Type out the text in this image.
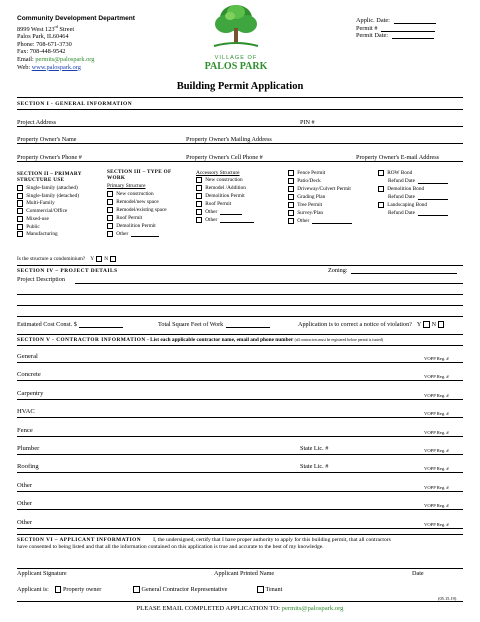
Community Development Department
8999 West 123rd Street
Palos Park, IL60464
Phone: 708-671-3730
Fax: 708-448-9542
Email: permits@palospark.org
Web: www.palospark.org
VILLAGE OF
PALOS PARK
Applic. Date:
Permit #
Permit Date:
Building Permit Application
SECTION I - GENERAL INFORMATION
Project Address	PIN #
Property Owner's Name	Property Owner's Mailing Address
Property Owner's Phone #	Property Owner's Cell Phone #	Property Owner's E-mail Address
SECTION II – PRIMARY
STRUCTURE USE
Single-family (attached)
Single-family (detached)
Multi-Family
Commercial/Office
Mixed-use
Public
Manufacturing
SECTION III – TYPE OF
WORK
Primary Structure
Accessory Structure
New construction
Remodel/new space
Remodel/existing space
Roof Permit
Demolition Permit
Other
New construction
Remodel /Addition
Demolition Permit
Roof Permit
Other
Other
Fence Permit
Patio/Deck
Driveway/Culvert Permit
Grading Plan
Tree Permit
Survey/Plan
Other
ROW Bond
Refund Date
Demolition Bond
Refund Date
Landscaping Bond
Refund Date
Is the structure a condominium? Y N
SECTION IV – PROJECT DETAILS	Zoning:
Project Description
Estimated Cost Const. $	Total Square Feet of Work	Application is to correct a notice of violation? Y N
SECTION V - CONTRACTOR INFORMATION - List each applicable contractor name, email and phone number (all contractors must be registered before permit is issued)
General	VOPP Reg. #
Concrete	VOPP Reg. #
Carpentry	VOPP Reg. #
HVAC	VOPP Reg. #
Fence	VOPP Reg. #
Plumber	State Lic. #	VOPP Reg. #
Roofing	State Lic. #	VOPP Reg. #
Other	VOPP Reg. #
Other	VOPP Reg. #
Other	VOPP Reg. #
SECTION VI – APPLICANT INFORMATION I, the undersigned, certify that I have proper authority to apply for this building permit, that all contractors
have consented to being listed and that all the information contained on this application is true and accurate to the best of my knowledge.
Applicant Signature	Applicant Printed Name	Date
Applicant is: Property owner	General Contractor Representative	Tenant
(05.15.19)
PLEASE EMAIL COMPLETED APPLICATION TO: permits@palospark.org
